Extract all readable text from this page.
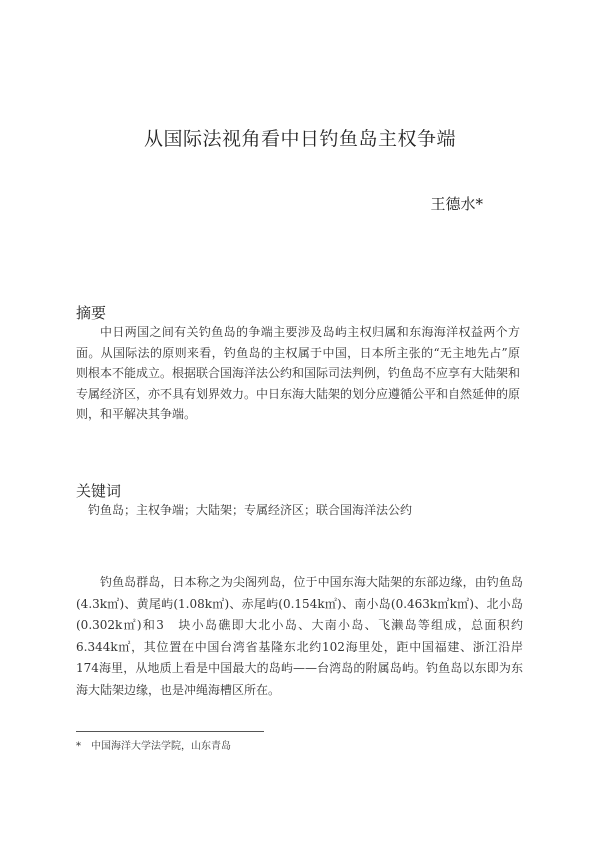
从国际法视角看中日钓鱼岛主权争端
王德水*
摘要

中日两国之间有关钓鱼岛的争端主要涉及岛屿主权归属和东海海洋权益两个方面。从国际法的原则来看，钓鱼岛的主权属于中国，日本所主张的“无主地先占”原则根本不能成立。根据联合国海洋法公约和国际司法判例，钓鱼岛不应享有大陆架和专属经济区，亦不具有划界效力。中日东海大陆架的划分应遵循公平和自然延伸的原则，和平解决其争端。

关键词

钓鱼岛；主权争端；大陆架；专属经济区；联合国海洋法公约

钓鱼岛群岛，日本称之为尖阁列岛，位于中国东海大陆架的东部边缘，由钓鱼岛(4.3k㎡)、黄尾屿(1.08k㎡)、赤尾屿(0.154k㎡)、南小岛(0.463k㎡k㎡)、北小岛(0.302k㎡)和3　块小岛礁即大北小岛、大南小岛、飞濑岛等组成，总面积约6.344k㎡，其位置在中国台湾省基隆东北约102海里处，距中国福建、浙江沿岸174海里，从地质上看是中国最大的岛屿——台湾岛的附属岛屿。钓鱼岛以东即为东海大陆架边缘，也是冲绳海槽区所在。

*　中国海洋大学法学院，山东青岛
